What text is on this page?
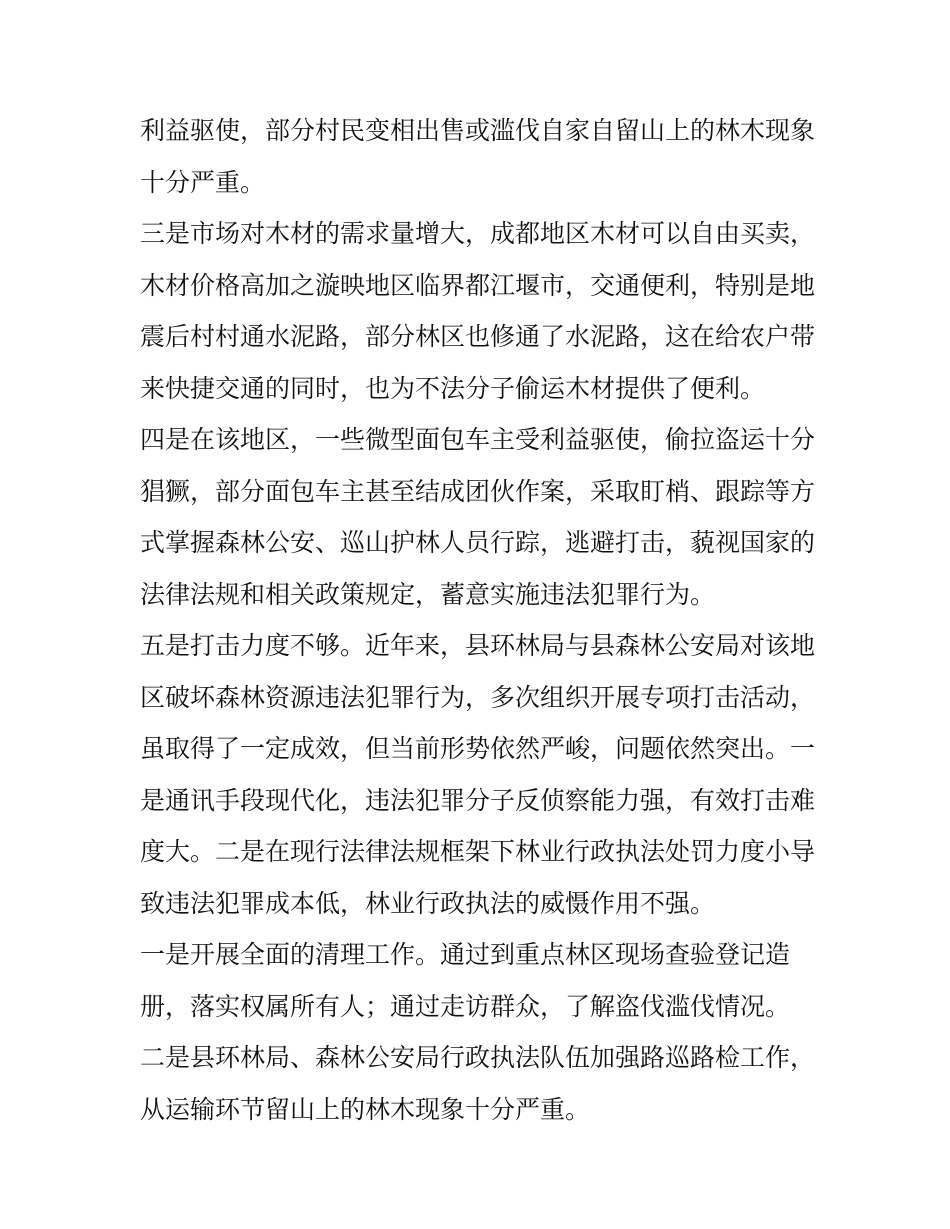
利益驱使，部分村民变相出售或滥伐自家自留山上的林木现象
十分严重。
三是市场对木材的需求量增大，成都地区木材可以自由买卖，
木材价格高加之漩映地区临界都江堰市，交通便利，特别是地
震后村村通水泥路，部分林区也修通了水泥路，这在给农户带
来快捷交通的同时，也为不法分子偷运木材提供了便利。
四是在该地区，一些微型面包车主受利益驱使，偷拉盗运十分
猖獗，部分面包车主甚至结成团伙作案，采取盯梢、跟踪等方
式掌握森林公安、巡山护林人员行踪，逃避打击，藐视国家的
法律法规和相关政策规定，蓄意实施违法犯罪行为。
五是打击力度不够。近年来，县环林局与县森林公安局对该地
区破坏森林资源违法犯罪行为，多次组织开展专项打击活动，
虽取得了一定成效，但当前形势依然严峻，问题依然突出。一
是通讯手段现代化，违法犯罪分子反侦察能力强，有效打击难
度大。二是在现行法律法规框架下林业行政执法处罚力度小导
致违法犯罪成本低，林业行政执法的威慑作用不强。
一是开展全面的清理工作。通过到重点林区现场查验登记造
册，落实权属所有人；通过走访群众，了解盗伐滥伐情况。
二是县环林局、森林公安局行政执法队伍加强路巡路检工作，
从运输环节留山上的林木现象十分严重。
